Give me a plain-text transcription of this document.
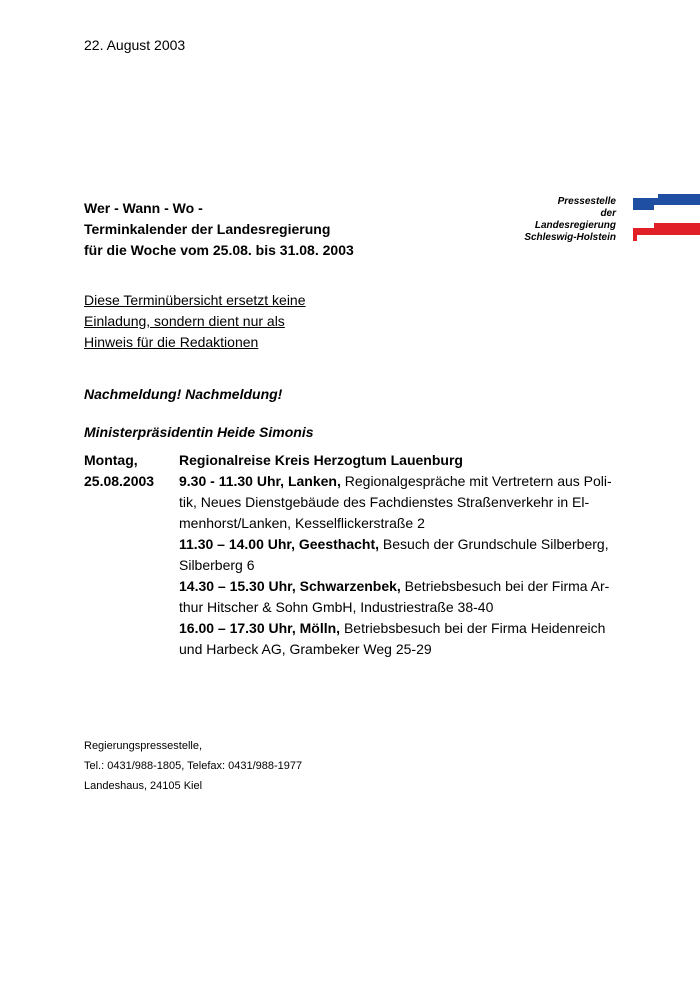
22. August 2003
Pressestelle
der
Landesregierung
Schleswig-Holstein
Wer - Wann - Wo -
Terminkalender der Landesregierung
für die Woche vom 25.08. bis 31.08. 2003
Diese Terminübersicht ersetzt keine
Einladung, sondern dient nur als
Hinweis für die Redaktionen
Nachmeldung! Nachmeldung!
Ministerpräsidentin Heide Simonis
Montag,
25.08.2003
Regionalreise Kreis Herzogtum Lauenburg
9.30 - 11.30 Uhr, Lanken, Regionalgespräche mit Vertretern aus Poli-tik, Neues Dienstgebäude des Fachdienstes Straßenverkehr in El-menhorst/Lanken, Kesselflickerstraße 2
11.30 – 14.00 Uhr, Geesthacht, Besuch der Grundschule Silberberg, Silberberg 6
14.30 – 15.30 Uhr, Schwarzenbek, Betriebsbesuch bei der Firma Ar-thur Hitscher & Sohn GmbH, Industriestraße 38-40
16.00 – 17.30 Uhr, Mölln, Betriebsbesuch bei der Firma Heidenreich und Harbeck AG, Grambeker Weg 25-29
Regierungspressestelle,
Tel.: 0431/988-1805, Telefax: 0431/988-1977
Landeshaus, 24105 Kiel
